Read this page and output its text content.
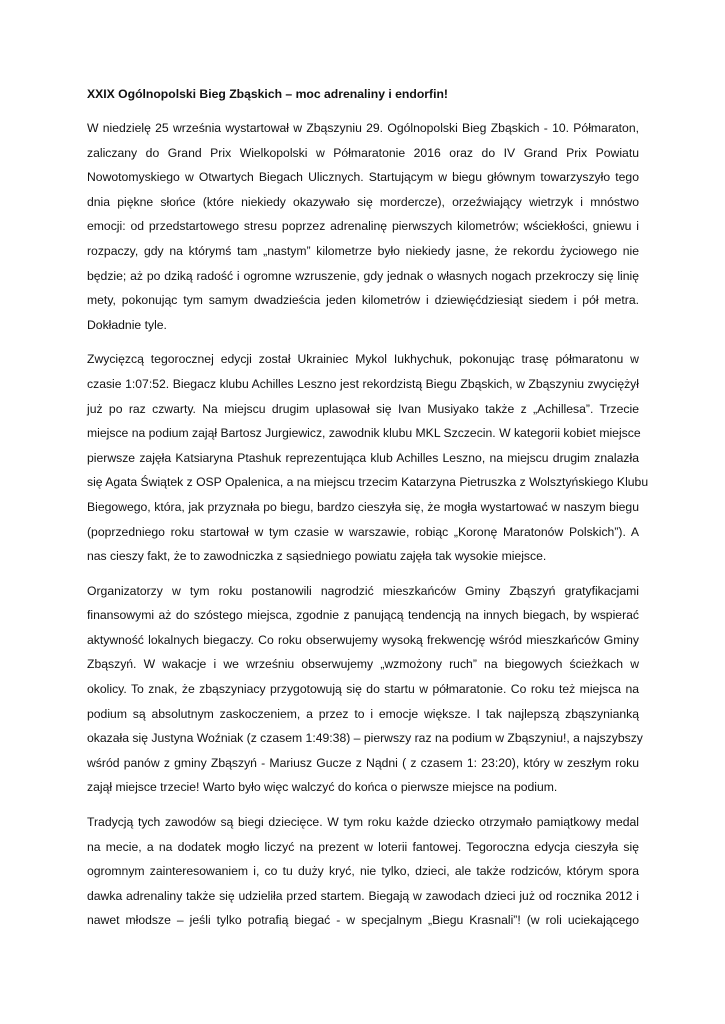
XXIX Ogólnopolski Bieg Zbąskich – moc adrenaliny i endorfin!
W niedzielę 25 września wystartował w Zbąszyniu 29. Ogólnopolski Bieg Zbąskich - 10. Półmaraton,
zaliczany do Grand Prix Wielkopolski w Półmaratonie 2016 oraz do IV Grand Prix Powiatu
Nowotomyskiego w Otwartych Biegach Ulicznych. Startującym w biegu głównym towarzyszyło tego
dnia piękne słońce (które niekiedy okazywało się mordercze), orzeźwiający wietrzyk i mnóstwo
emocji: od przedstartowego stresu poprzez adrenalinę pierwszych kilometrów; wściekłości, gniewu i
rozpaczy, gdy na którymś tam „nastym” kilometrze było niekiedy jasne, że rekordu życiowego nie
będzie; aż po dziką radość i ogromne wzruszenie, gdy jednak o własnych nogach przekroczy się linię
mety, pokonując tym samym dwadzieścia jeden kilometrów i dziewięćdziesiąt siedem i pół metra.
Dokładnie tyle.
Zwycięzcą tegorocznej edycji został Ukrainiec Mykol Iukhychuk, pokonując trasę półmaratonu w
czasie 1:07:52. Biegacz klubu Achilles Leszno jest rekordzistą Biegu Zbąskich, w Zbąszyniu zwyciężył
już po raz czwarty. Na miejscu drugim uplasował się Ivan Musiyako także z „Achillesa”. Trzecie
miejsce na podium zajął Bartosz Jurgiewicz, zawodnik klubu MKL Szczecin. W kategorii kobiet miejsce
pierwsze zajęła Katsiaryna Ptashuk reprezentująca klub Achilles Leszno, na miejscu drugim znalazła
się Agata Świątek z OSP Opalenica, a na miejscu trzecim Katarzyna Pietruszka z Wolsztyńskiego Klubu
Biegowego, która, jak przyznała po biegu, bardzo cieszyła się, że mogła wystartować w naszym biegu
(poprzedniego roku startował w tym czasie w warszawie, robiąc „Koronę Maratonów Polskich”). A
nas cieszy fakt, że to zawodniczka z sąsiedniego powiatu zajęła tak wysokie miejsce.
Organizatorzy w tym roku postanowili nagrodzić mieszkańców Gminy Zbąszyń gratyfikacjami
finansowymi aż do szóstego miejsca, zgodnie z panującą tendencją na innych biegach, by wspierać
aktywność lokalnych biegaczy. Co roku obserwujemy wysoką frekwencję wśród mieszkańców Gminy
Zbąszyń. W wakacje i we wrześniu obserwujemy „wzmożony ruch” na biegowych ścieżkach w
okolicy. To znak, że zbąszyniacy przygotowują się do startu w półmaratonie. Co roku też miejsca na
podium są absolutnym zaskoczeniem, a przez to i emocje większe. I tak najlepszą zbąszynianką
okazała się Justyna Woźniak (z czasem 1:49:38) – pierwszy raz na podium w Zbąszyniu!, a najszybszy
wśród panów z gminy Zbąszyń - Mariusz Gucze z Nądni ( z czasem 1: 23:20), który w zeszłym roku
zajął miejsce trzecie! Warto było więc walczyć do końca o pierwsze miejsce na podium.
Tradycją tych zawodów są biegi dziecięce. W tym roku każde dziecko otrzymało pamiątkowy medal
na mecie, a na dodatek mogło liczyć na prezent w loterii fantowej. Tegoroczna edycja cieszyła się
ogromnym zainteresowaniem i, co tu duży kryć, nie tylko, dzieci, ale także rodziców, którym spora
dawka adrenaliny także się udzieliła przed startem. Biegają w zawodach dzieci już od rocznika 2012 i
nawet młodsze – jeśli tylko potrafią biegać - w specjalnym „Biegu Krasnali”! (w roli uciekającego
